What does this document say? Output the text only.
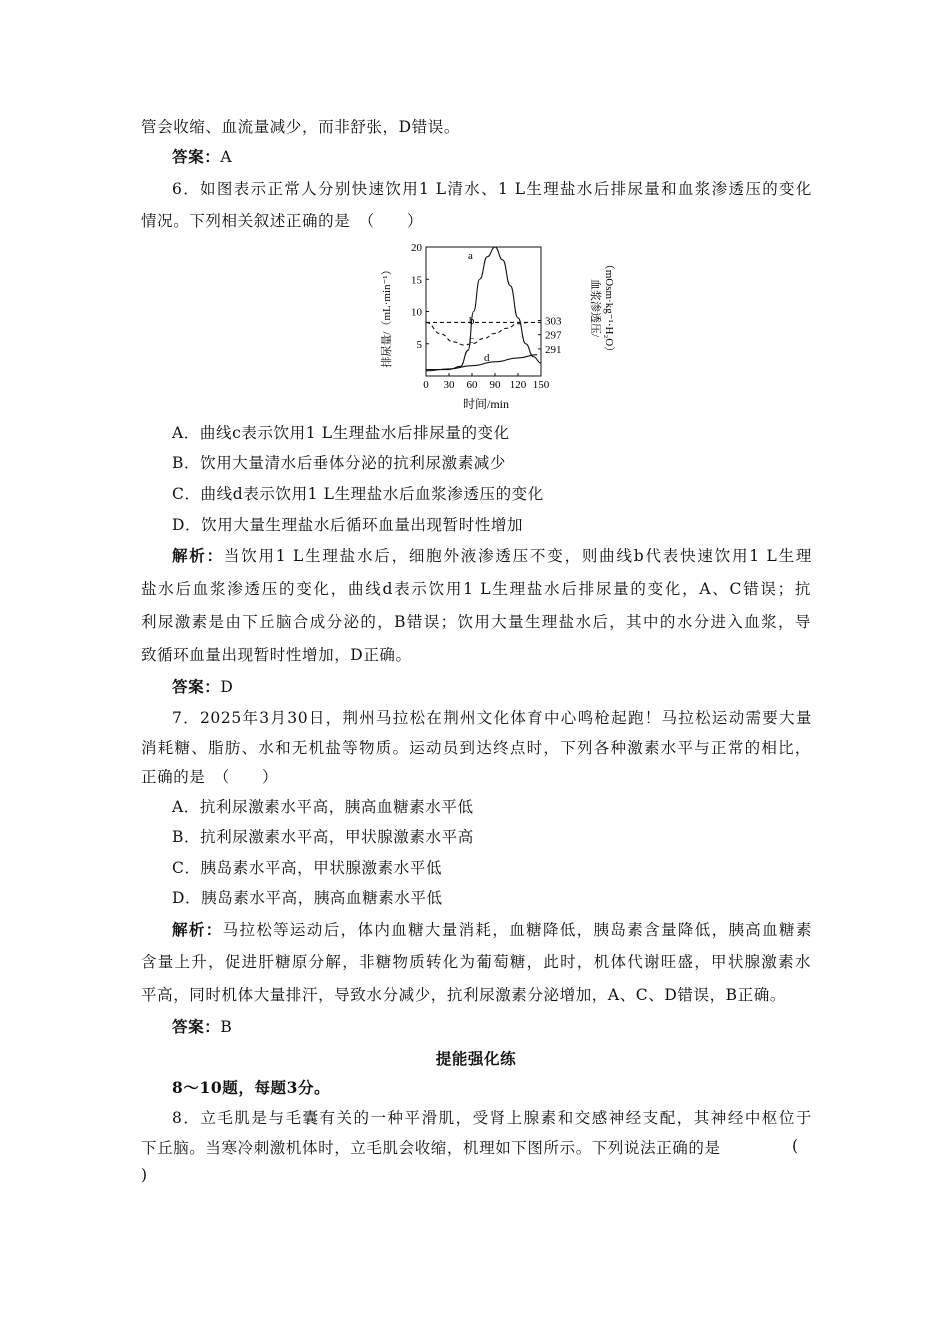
管会收缩、血流量减少，而非舒张，D错误。
答案：A
6．如图表示正常人分别快速饮用1 L清水、1 L生理盐水后排尿量和血浆渗透压的变化
情况。下列相关叙述正确的是　（　　）
排尿量/（mL·min⁻¹）	血浆渗透压/ （mOsm·kg⁻¹·H₂O）
0 30 60 90 120 150
5
10
15
20
303
297
291
a
b
c
d
时间/min
A．曲线c表示饮用1 L生理盐水后排尿量的变化
B．饮用大量清水后垂体分泌的抗利尿激素减少
C．曲线d表示饮用1 L生理盐水后血浆渗透压的变化
D．饮用大量生理盐水后循环血量出现暂时性增加
解析：当饮用1 L生理盐水后，细胞外液渗透压不变，则曲线b代表快速饮用1 L生理
盐水后血浆渗透压的变化，曲线d表示饮用1 L生理盐水后排尿量的变化，A、C错误；抗
利尿激素是由下丘脑合成分泌的，B错误；饮用大量生理盐水后，其中的水分进入血浆，导
致循环血量出现暂时性增加，D正确。
答案：D
7．2025年3月30日，荆州马拉松在荆州文化体育中心鸣枪起跑！马拉松运动需要大量
消耗糖、脂肪、水和无机盐等物质。运动员到达终点时，下列各种激素水平与正常的相比，
正确的是　（　　）
A．抗利尿激素水平高，胰高血糖素水平低
B．抗利尿激素水平高，甲状腺激素水平高
C．胰岛素水平高，甲状腺激素水平低
D．胰岛素水平高，胰高血糖素水平低
解析：马拉松等运动后，体内血糖大量消耗，血糖降低，胰岛素含量降低，胰高血糖素
含量上升，促进肝糖原分解，非糖物质转化为葡萄糖，此时，机体代谢旺盛，甲状腺激素水
平高，同时机体大量排汗，导致水分减少，抗利尿激素分泌增加，A、C、D错误，B正确。
答案：B
提能强化练
8～10题，每题3分。
8．立毛肌是与毛囊有关的一种平滑肌，受肾上腺素和交感神经支配，其神经中枢位于
下丘脑。当寒冷刺激机体时，立毛肌会收缩，机理如下图所示。下列说法正确的是	(
)
